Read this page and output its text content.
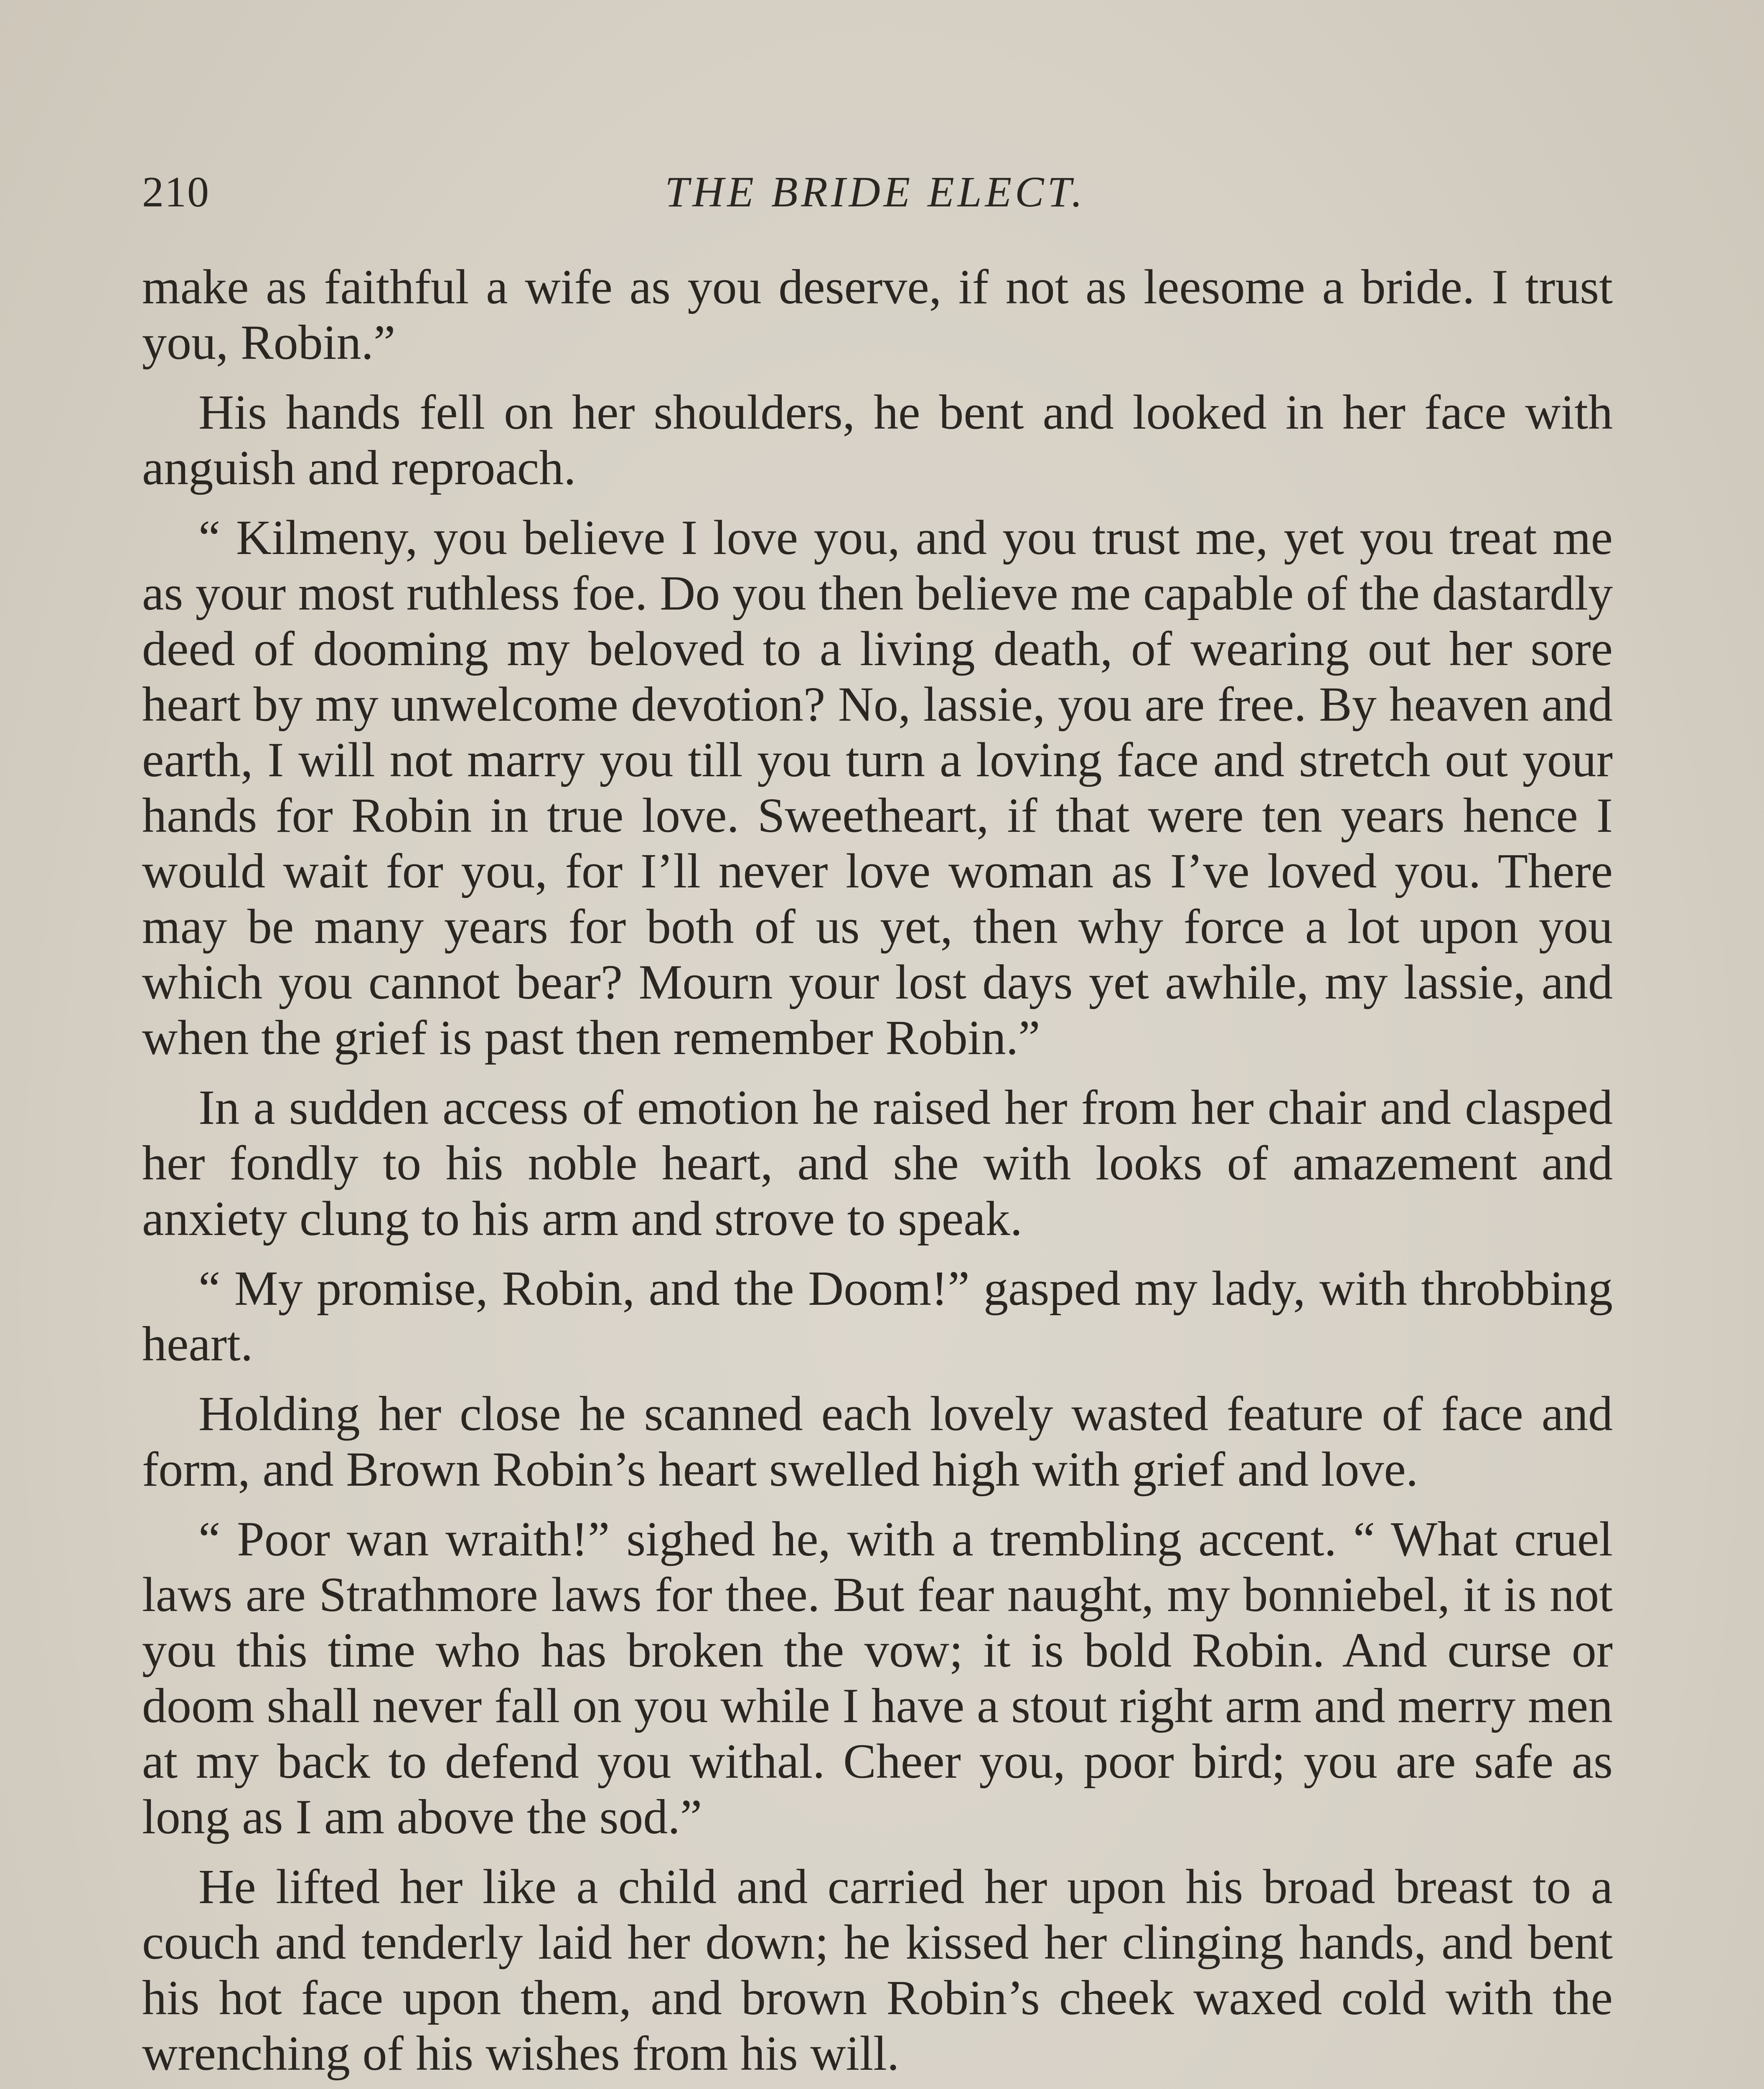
210	THE BRIDE ELECT.

make as faithful a wife as you deserve, if not as leesome a bride. I trust you, Robin.”

His hands fell on her shoulders, he bent and looked in her face with anguish and reproach.

“ Kilmeny, you believe I love you, and you trust me, yet you treat me as your most ruthless foe. Do you then believe me capable of the dastardly deed of dooming my beloved to a living death, of wearing out her sore heart by my unwelcome devotion? No, lassie, you are free. By heaven and earth, I will not marry you till you turn a loving face and stretch out your hands for Robin in true love. Sweetheart, if that were ten years hence I would wait for you, for I’ll never love woman as I’ve loved you. There may be many years for both of us yet, then why force a lot upon you which you cannot bear? Mourn your lost days yet awhile, my lassie, and when the grief is past then remember Robin.”

In a sudden access of emotion he raised her from her chair and clasped her fondly to his noble heart, and she with looks of amazement and anxiety clung to his arm and strove to speak.

“ My promise, Robin, and the Doom!” gasped my lady, with throbbing heart.

Holding her close he scanned each lovely wasted feature of face and form, and Brown Robin’s heart swelled high with grief and love.

“ Poor wan wraith!” sighed he, with a trembling accent. “ What cruel laws are Strathmore laws for thee. But fear naught, my bonniebel, it is not you this time who has broken the vow; it is bold Robin. And curse or doom shall never fall on you while I have a stout right arm and merry men at my back to defend you withal. Cheer you, poor bird; you are safe as long as I am above the sod.”

He lifted her like a child and carried her upon his broad breast to a couch and tenderly laid her down; he kissed her clinging hands, and bent his hot face upon them, and brown Robin’s cheek waxed cold with the wrenching of his wishes from his will.
